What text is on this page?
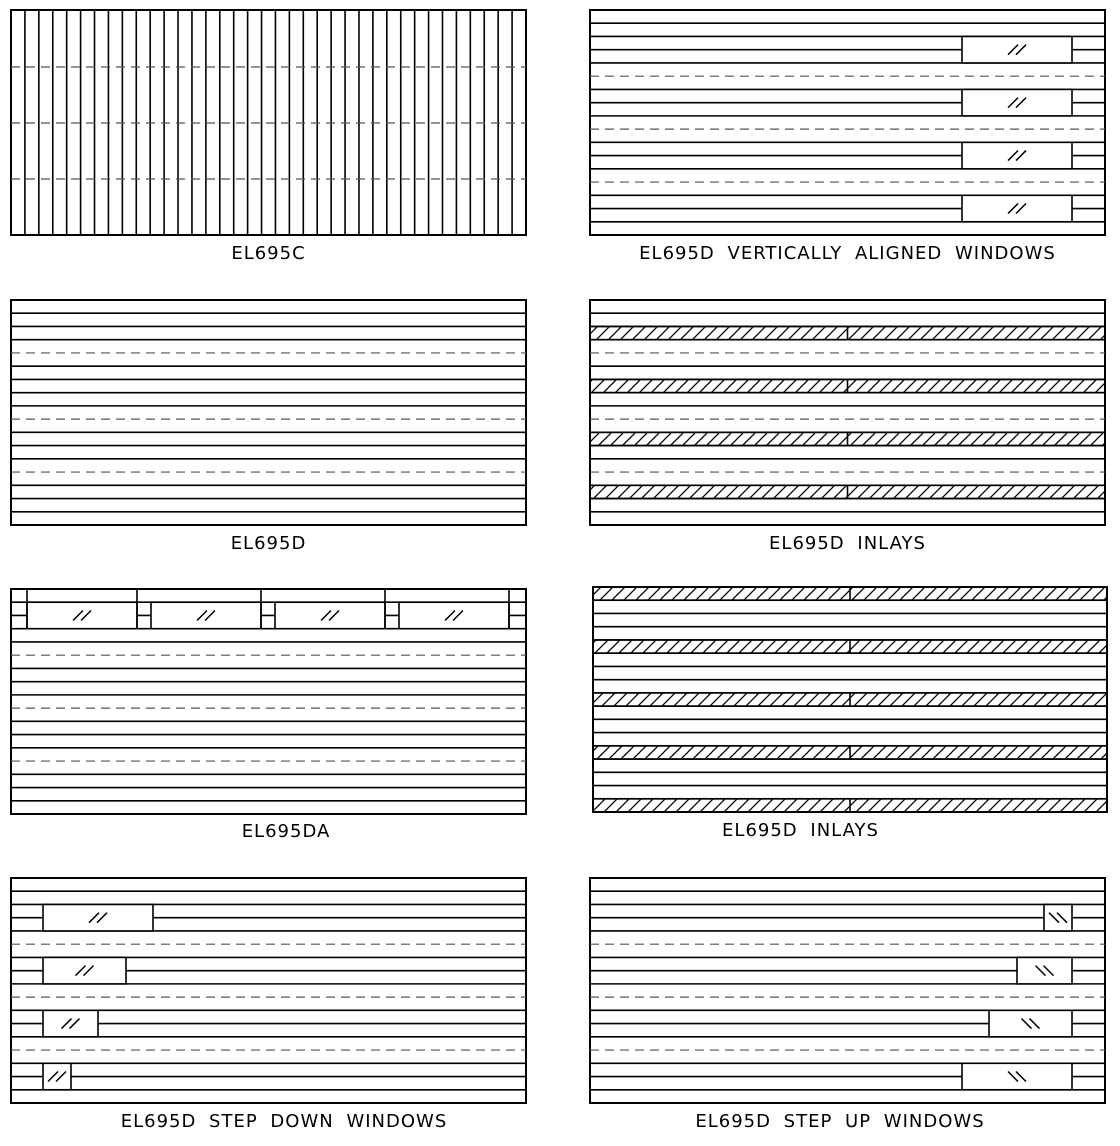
EL695C	EL695D VERTICALLY ALIGNED WINDOWS
EL695D	EL695D INLAYS
EL695DA	EL695D INLAYS
EL695D STEP DOWN WINDOWS	EL695D STEP UP WINDOWS
